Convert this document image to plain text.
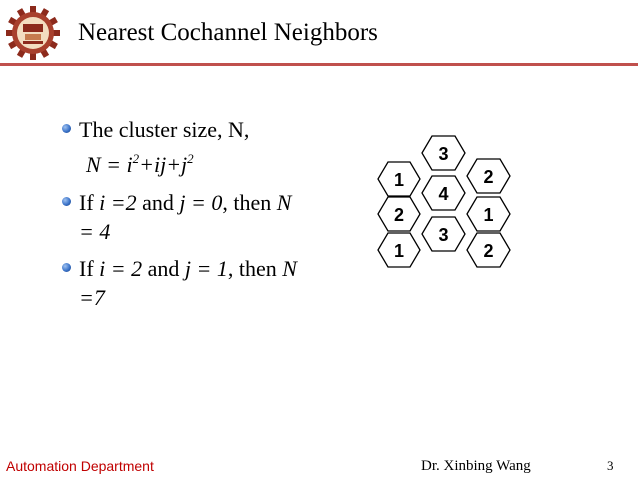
Nearest Cochannel Neighbors
The cluster size, N,
$N = i^2+ij+j^2$
If i =2 and j = 0, then N
= 4
If i = 2 and j = 1, then N
=7
3
1
2
4
2
1
3
1	2
Automation Department	Dr. Xinbing Wang	3
